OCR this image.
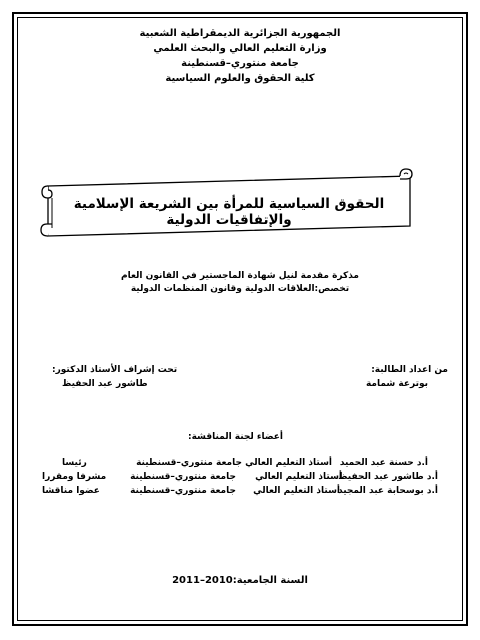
الجمهورية الجزائرية الديمقراطية الشعبية
وزارة التعليم العالي والبحث العلمي
جامعة منتوري–قسنطينة
كلية الحقوق والعلوم السياسية
الحقوق السياسية للمرأة بين الشريعة الإسلامية والإتفاقيات الدولية
مذكرة مقدمة لنيل شهادة الماجستير في القانون العام
تخصص:العلاقات الدولية وقانون المنظمات الدولية
من اعداد الطالبة:
بوترعة شمامة
تحت إشراف الأستاذ الدكتور:
طاشور عبد الحفيظ
أعضاء لجنة المناقشة:
أ.د حسنة عبد الحميد
أستاذ التعليم العالي
جامعة منتوري–قسنطينة
رئيسا
أ.د طاشور عبد الحفيظ
أستاذ التعليم العالي
جامعة منتوري–قسنطينة
مشرفا ومقررا
أ.د بوسحابة عبد المجيد
أستاذ التعليم العالي
جامعة منتوري–قسنطينة
عضوا مناقشا
السنة الجامعية:2010–2011
